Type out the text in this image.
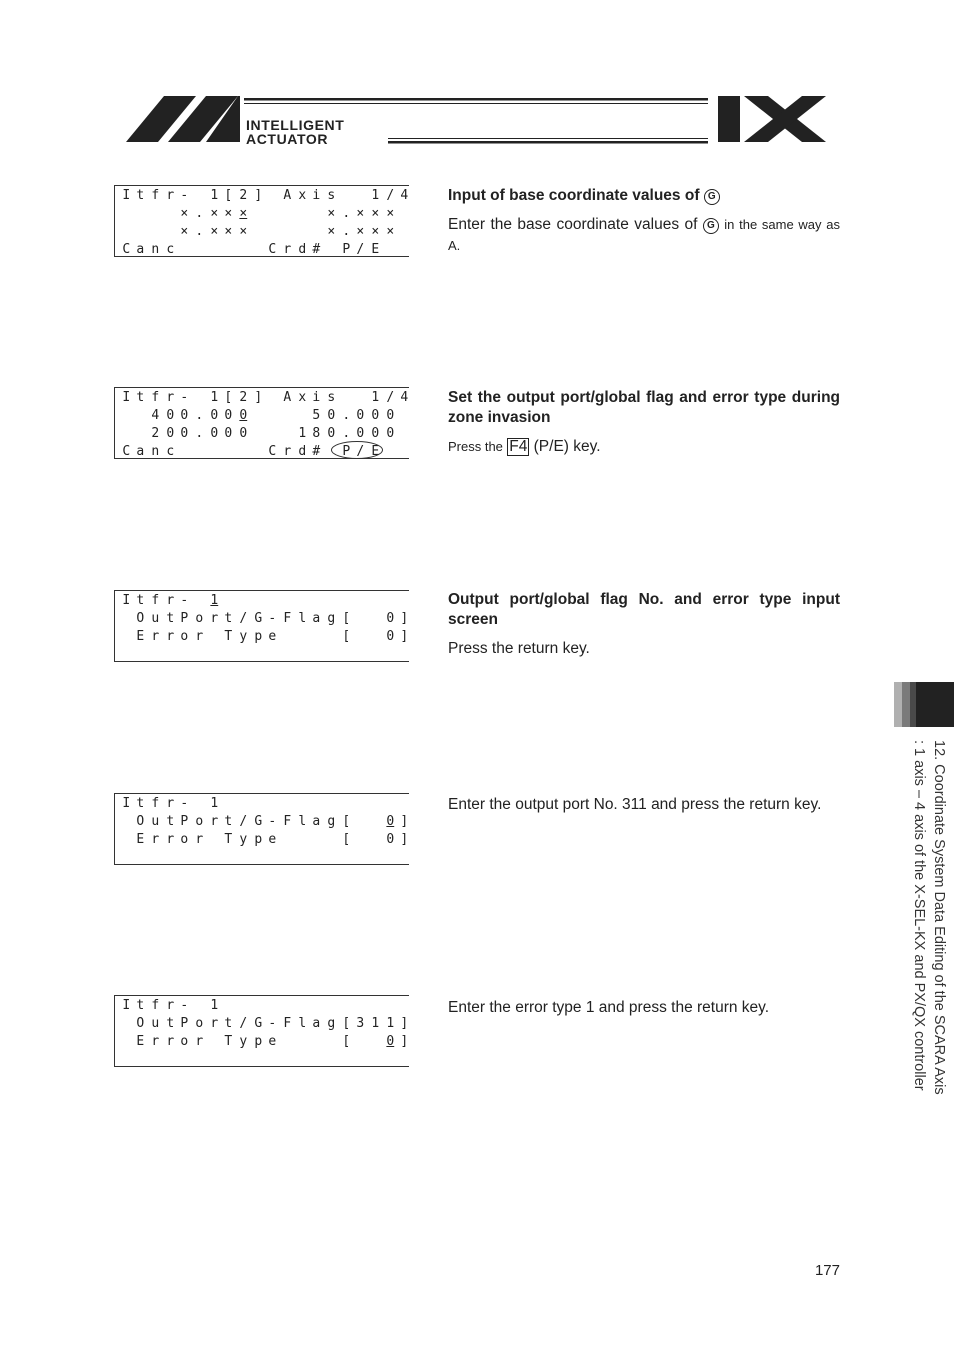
INTELLIGENT
ACTUATOR

I t f r - 1 [ 2 ] A x i s	1 / 4

× . × × ×	× . × × ×

× . × × ×	× . × × ×

C a n c	C r d # P / E

Input of base coordinate values of G

Enter the base coordinate values of G in the same way as A.

I t f r - 1 [ 2 ] A x i s	1 / 4

4 0 0 . 0 0 0	5 0 . 0 0 0

2 0 0 . 0 0 0	1 8 0 . 0 0 0

C a n c	C r d # P / E

Set the output port/global flag and error type during zone invasion

Press the F4 (P/E) key.

I t f r - 1

O u t P o r t / G - F l a g [	0 ]

E r r o r T y p e	[	0 ]

Output port/global flag No. and error type input screen

Press the return key.

I t f r - 1

O u t P o r t / G - F l a g [	0 ]

E r r o r T y p e	[	0 ]

Enter the output port No. 311 and press the return key.

I t f r - 1

O u t P o r t / G - F l a g [ 3 1 1 ]

E r r o r T y p e	[	0 ]

Enter the error type 1 and press the return key.	12. Coordinate System Data Editing of the SCARA Axis
: 1 axis – 4 axis of the X-SEL-KX and PX/QX controller
177
